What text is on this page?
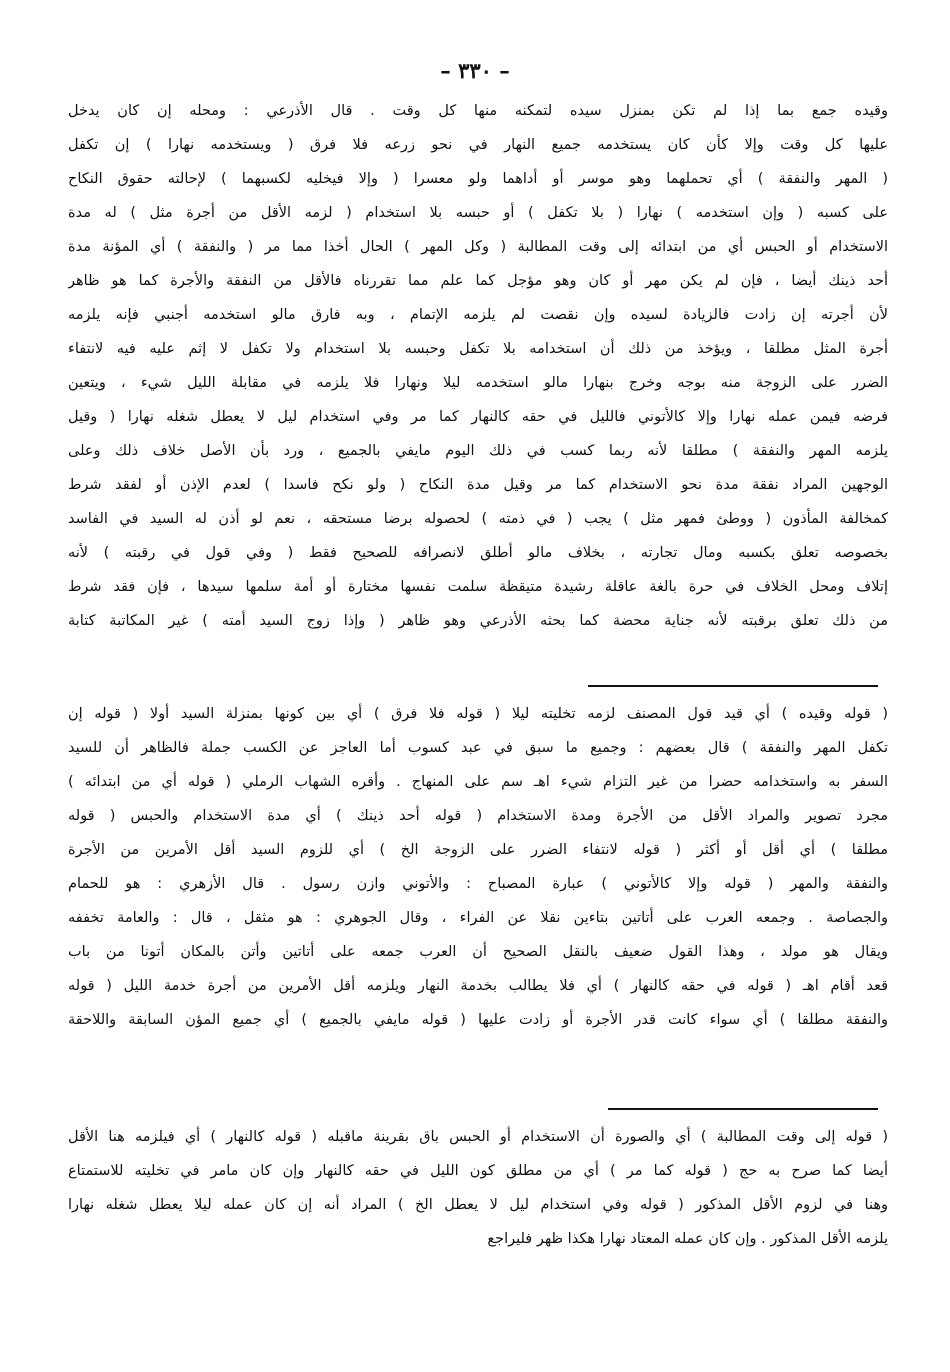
– ٣٣٠ –
وقيده جمع بما إذا لم تكن بمنزل سيده لتمكنه منها كل وقت . قال الأذرعي : ومحله إن كان يدخل
عليها كل وقت وإلا كأن كان يستخدمه جميع النهار في نحو زرعه فلا فرق ( ويستخدمه نهارا ) إن تكفل
( المهر والنفقة ) أي تحملهما وهو موسر أو أداهما ولو معسرا ( وإلا فيخليه لكسبهما ) لإحالته حقوق النكاح
على كسبه ( وإن استخدمه ) نهارا ( بلا تكفل ) أو حبسه بلا استخدام ( لزمه الأقل من أجرة مثل ) له مدة
الاستخدام أو الحبس أي من ابتدائه إلى وقت المطالبة ( وكل المهر ) الحال أخذا مما مر ( والنفقة ) أي المؤنة مدة
أحد ذينك أيضا ، فإن لم يكن مهر أو كان وهو مؤجل كما علم مما تقررناه فالأقل من النفقة والأجرة كما هو ظاهر
لأن أجرته إن زادت فالزيادة لسيده وإن نقصت لم يلزمه الإتمام ، وبه فارق مالو استخدمه أجنبي فإنه يلزمه
أجرة المثل مطلقا ، ويؤخذ من ذلك أن استخدامه بلا تكفل وحبسه بلا استخدام ولا تكفل لا إثم عليه فيه لانتفاء
الضرر على الزوجة منه بوجه وخرج بنهارا مالو استخدمه ليلا ونهارا فلا يلزمه في مقابلة الليل شيء ، ويتعين
فرضه فيمن عمله نهارا وإلا كالأتوني فالليل في حقه كالنهار كما مر وفي استخدام ليل لا يعطل شغله نهارا ( وقيل
يلزمه المهر والنفقة ) مطلقا لأنه ربما كسب في ذلك اليوم مايفي بالجميع ، ورد بأن الأصل خلاف ذلك وعلى
الوجهين المراد نفقة مدة نحو الاستخدام كما مر وقيل مدة النكاح ( ولو نكح فاسدا ) لعدم الإذن أو لفقد شرط
كمخالفة المأذون ( ووطئ فمهر مثل ) يجب ( في ذمته ) لحصوله برضا مستحقه ، نعم لو أذن له السيد في الفاسد
بخصوصه تعلق بكسبه ومال تجارته ، بخلاف مالو أطلق لانصرافه للصحيح فقط ( وفي قول في رقبته ) لأنه
إتلاف ومحل الخلاف في حرة بالغة عاقلة رشيدة متيقظة سلمت نفسها مختارة أو أمة سلمها سيدها ، فإن فقد شرط
من ذلك تعلق برقبته لأنه جناية محضة كما بحثه الأذرعي وهو ظاهر ( وإذا زوج السيد أمته ) غير المكاتبة كتابة
( قوله وقيده ) أي قيد قول المصنف لزمه تخليته ليلا ( قوله فلا فرق ) أي بين كونها بمنزلة السيد أولا ( قوله إن
تكفل المهر والنفقة ) قال بعضهم : وجميع ما سبق في عبد كسوب أما العاجز عن الكسب جملة فالظاهر أن للسيد
السفر به واستخدامه حضرا من غير التزام شيء اهـ سم على المنهاج . وأقره الشهاب الرملي ( قوله أي من ابتدائه )
مجرد تصوير والمراد الأقل من الأجرة ومدة الاستخدام ( قوله أحد ذينك ) أي مدة الاستخدام والحبس ( قوله
مطلقا ) أي أقل أو أكثر ( قوله لانتفاء الضرر على الزوجة الخ ) أي للزوم السيد أقل الأمرين من الأجرة
والنفقة والمهر ( قوله وإلا كالأتوني ) عبارة المصباح : والأتوني وازن رسول . قال الأزهري : هو للحمام
والجصاصة . وجمعه العرب على أتاتين بتاءين نقلا عن الفراء ، وقال الجوهري : هو مثقل ، قال : والعامة تخففه
ويقال هو مولد ، وهذا القول ضعيف بالنقل الصحيح أن العرب جمعه على أتاتين وأتن بالمكان أتونا من باب
قعد أقام اهـ ( قوله في حقه كالنهار ) أي فلا يطالب بخدمة النهار ويلزمه أقل الأمرين من أجرة خدمة الليل ( قوله
والنفقة مطلقا ) أي سواء كانت قدر الأجرة أو زادت عليها ( قوله مايفي بالجميع ) أي جميع المؤن السابقة واللاحقة
( قوله إلى وقت المطالبة ) أي والصورة أن الاستخدام أو الحبس باق بقرينة ماقبله ( قوله كالنهار ) أي فيلزمه هنا الأقل
أيضا كما صرح به حج ( قوله كما مر ) أي من مطلق كون الليل في حقه كالنهار وإن كان مامر في تخليته للاستمتاع
وهنا في لزوم الأقل المذكور ( قوله وفي استخدام ليل لا يعطل الخ ) المراد أنه إن كان عمله ليلا يعطل شغله نهارا
يلزمه الأقل المذكور . وإن كان عمله المعتاد نهارا هكذا ظهر فليراجع
